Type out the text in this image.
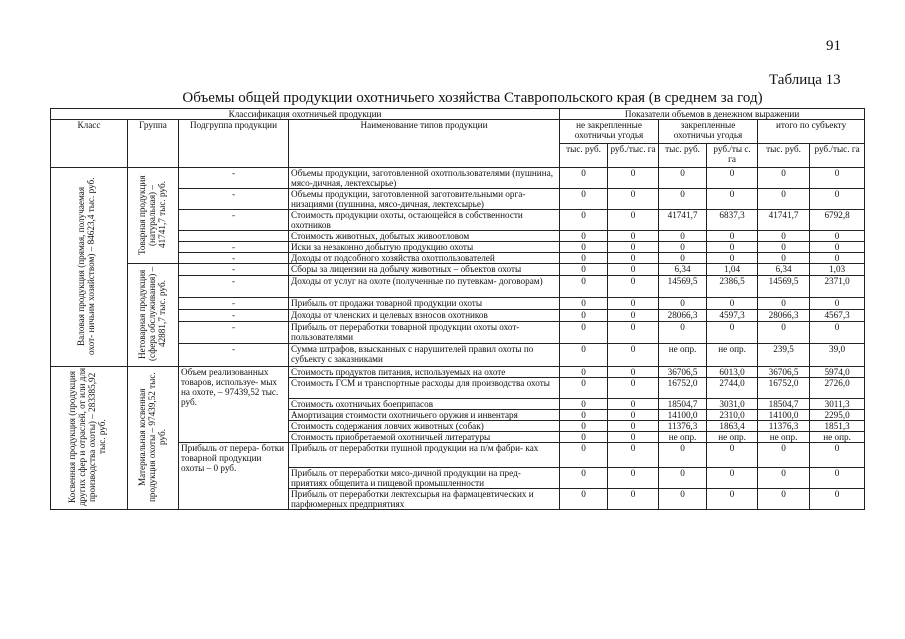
91
Таблица 13
Объемы общей продукции охотничьего хозяйства Ставропольского края (в среднем за год)
Классификация охотничьей продукции				Показатели объемов в денежном выражении					
Класс	Группа	Подгруппа продукции	Наименование типов продукции	не закрепленные охотничьи угодья		закрепленные охотничьи угодья		итого по субъекту	
				тыс. руб.	руб./тыс. га	тыс. руб.	руб./ты с. га	тыс. руб.	руб./тыс. га
Валовая продукция (прямая, получаемая охот- ничьим хозяйством) – 84623,4 тыс. руб.	Товарная продукция (натуральная) – 41741,7 тыс. руб.	-	Объемы продукции, заготовленной охотпользователями (пушнина, мясо-дичная, лектехсырье)	0	0	0	0	0	0
		-	Объемы продукции, заготовленной заготовительными орга- низациями (пушнина, мясо-дичная, лектехсырье)	0	0	0	0	0	0
		-	Стоимость продукции охоты, остающейся в собственности охотников	0	0	41741,7	6837,3	41741,7	6792,8
			Стоимость животных, добытых живоотловом	0	0	0	0	0	0
		-	Иски за незаконно добытую продукцию охоты	0	0	0	0	0	0
		-	Доходы от подсобного хозяйства охотпользователей	0	0	0	0	0	0
	Нетоварная продукция (сфера обслуживания) – 42881,7 тыс. руб.	-	Сборы за лицензии на добычу животных – объектов охоты	0	0	6,34	1,04	6,34	1,03
		-	Доходы от услуг на охоте (полученные по путевкам- договорам)	0	0	14569,5	2386,5	14569,5	2371,0
		-	Прибыль от продажи товарной продукции охоты	0	0	0	0	0	0
		-	Доходы от членских и целевых взносов охотников	0	0	28066,3	4597,3	28066,3	4567,3
		-	Прибыль от переработки товарной продукции охоты охот- пользователями	0	0	0	0	0	0
		-	Сумма штрафов, взысканных с нарушителей правил охоты по субъекту с заказниками	0	0	не опр.	не опр.	239,5	39,0
Косвенная продукция (продукция других сфер и отраслей, от или для производства охоты) – 283385,92 тыс. руб.	Материальная косвенная продукция охоты – 97439,52 тыс. руб.	Объем реализованных товаров, используе- мых на охоте, – 97439,52 тыс. руб.	Стоимость продуктов питания, используемых на охоте	0	0	36706,5	6013,0	36706,5	5974,0
			Стоимость ГСМ и транспортные расходы для производства охоты	0	0	16752,0	2744,0	16752,0	2726,0
			Стоимость охотничьих боеприпасов	0	0	18504,7	3031,0	18504,7	3011,3
			Амортизация стоимости охотничьего оружия и инвентаря	0	0	14100,0	2310,0	14100,0	2295,0
			Стоимость содержания ловчих животных (собак)	0	0	11376,3	1863,4	11376,3	1851,3
			Стоимость приобретаемой охотничьей литературы	0	0	не опр.	не опр.	не опр.	не опр.
		Прибыль от перера- ботки товарной продукции охоты – 0 руб.	Прибыль от переработки пушной продукции на п/м фабри- ках	0	0	0	0	0	0
			Прибыль от переработки мясо-дичной продукции на пред- приятиях общепита и пищевой промышленности	0	0	0	0	0	0
			Прибыль от переработки лектехсырья на фармацевтических и парфюмерных предприятиях	0	0	0	0	0	0
